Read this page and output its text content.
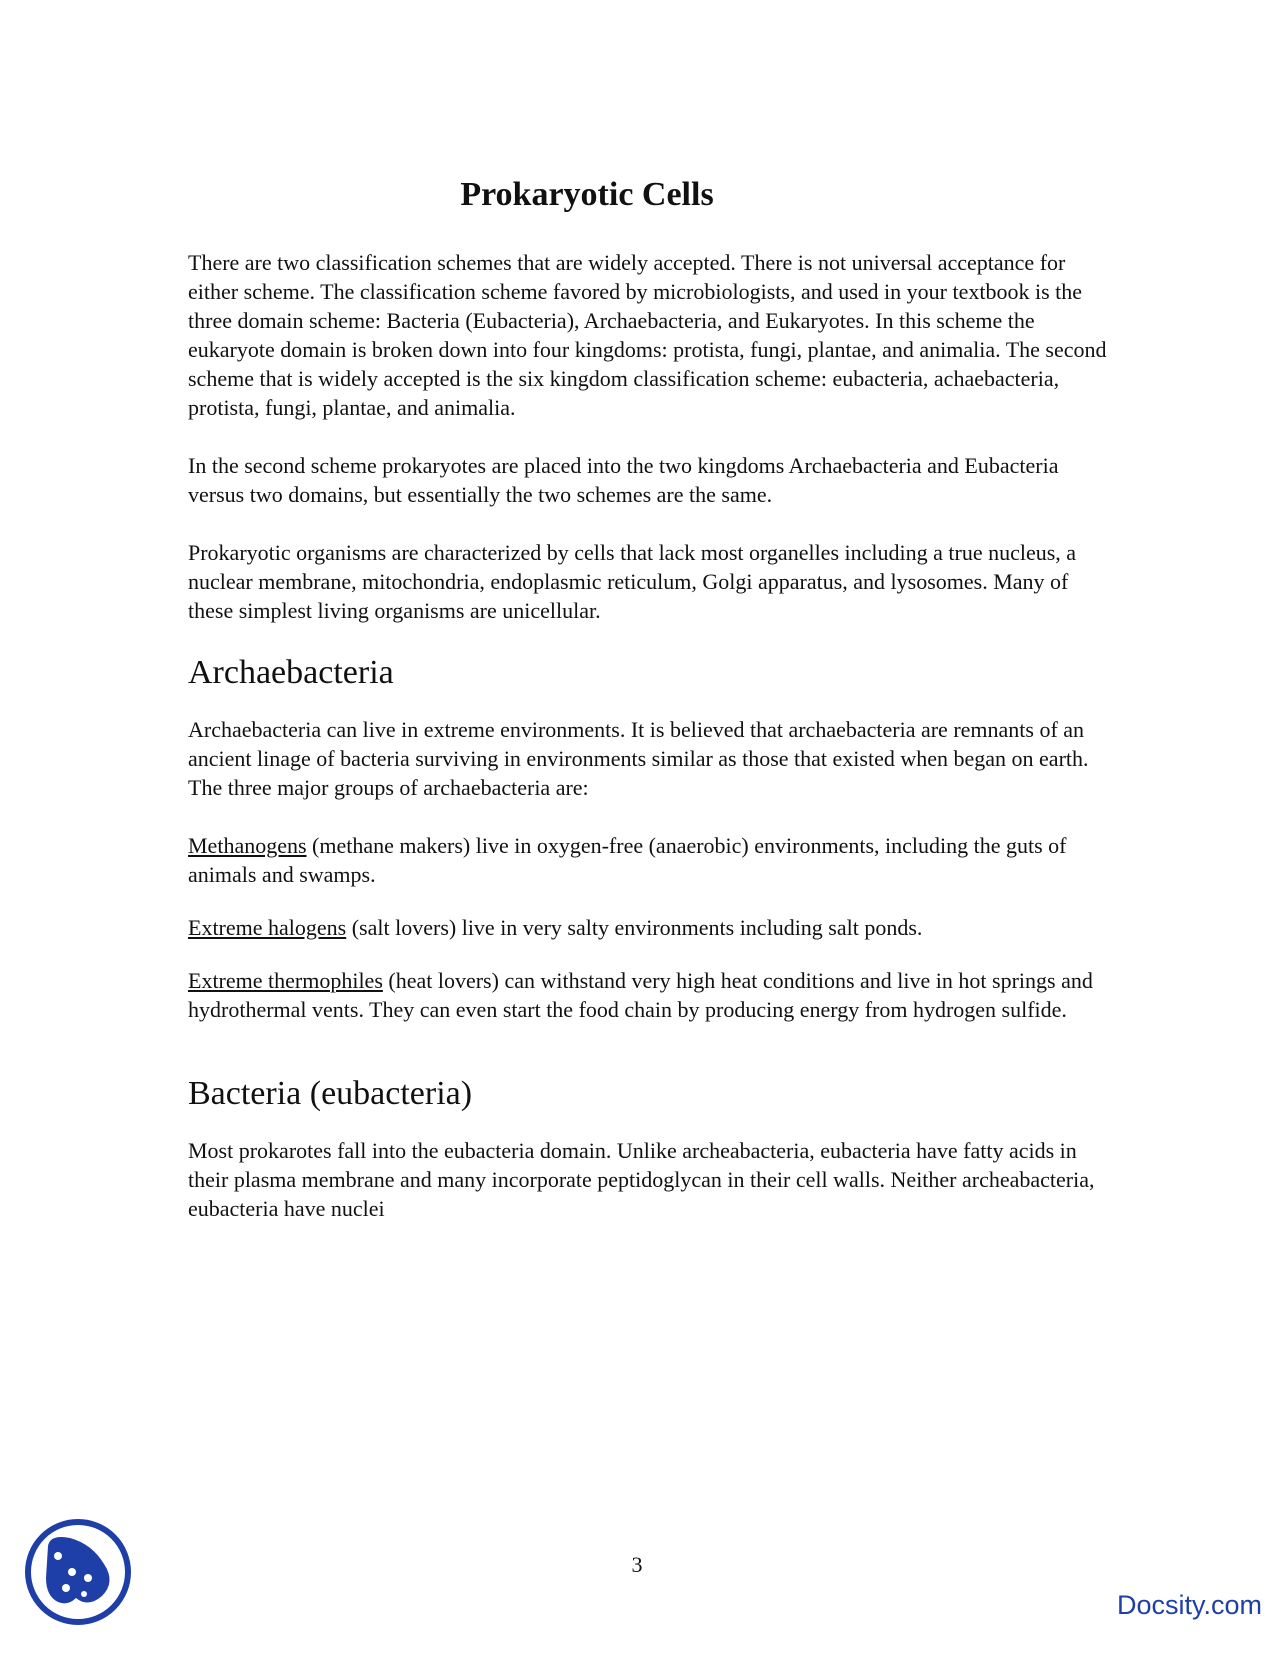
Prokaryotic Cells

There are two classification schemes that are widely accepted. There is not universal acceptance for either scheme. The classification scheme favored by microbiologists, and used in your textbook is the three domain scheme: Bacteria (Eubacteria), Archaebacteria, and Eukaryotes. In this scheme the eukaryote domain is broken down into four kingdoms: protista, fungi, plantae, and animalia. The second scheme that is widely accepted is the six kingdom classification scheme: eubacteria, achaebacteria, protista, fungi, plantae, and animalia.

In the second scheme prokaryotes are placed into the two kingdoms Archaebacteria and Eubacteria versus two domains, but essentially the two schemes are the same.

Prokaryotic organisms are characterized by cells that lack most organelles including a true nucleus, a nuclear membrane, mitochondria, endoplasmic reticulum, Golgi apparatus, and lysosomes. Many of these simplest living organisms are unicellular.

Archaebacteria

Archaebacteria can live in extreme environments. It is believed that archaebacteria are remnants of an ancient linage of bacteria surviving in environments similar as those that existed when began on earth. The three major groups of archaebacteria are:

Methanogens (methane makers) live in oxygen-free (anaerobic) environments, including the guts of animals and swamps.

Extreme halogens (salt lovers) live in very salty environments including salt ponds.

Extreme thermophiles (heat lovers) can withstand very high heat conditions and live in hot springs and hydrothermal vents. They can even start the food chain by producing energy from hydrogen sulfide.

Bacteria (eubacteria)

Most prokarotes fall into the eubacteria domain. Unlike archeabacteria, eubacteria have fatty acids in their plasma membrane and many incorporate peptidoglycan in their cell walls. Neither archeabacteria, eubacteria have nuclei

3
Docsity.com
